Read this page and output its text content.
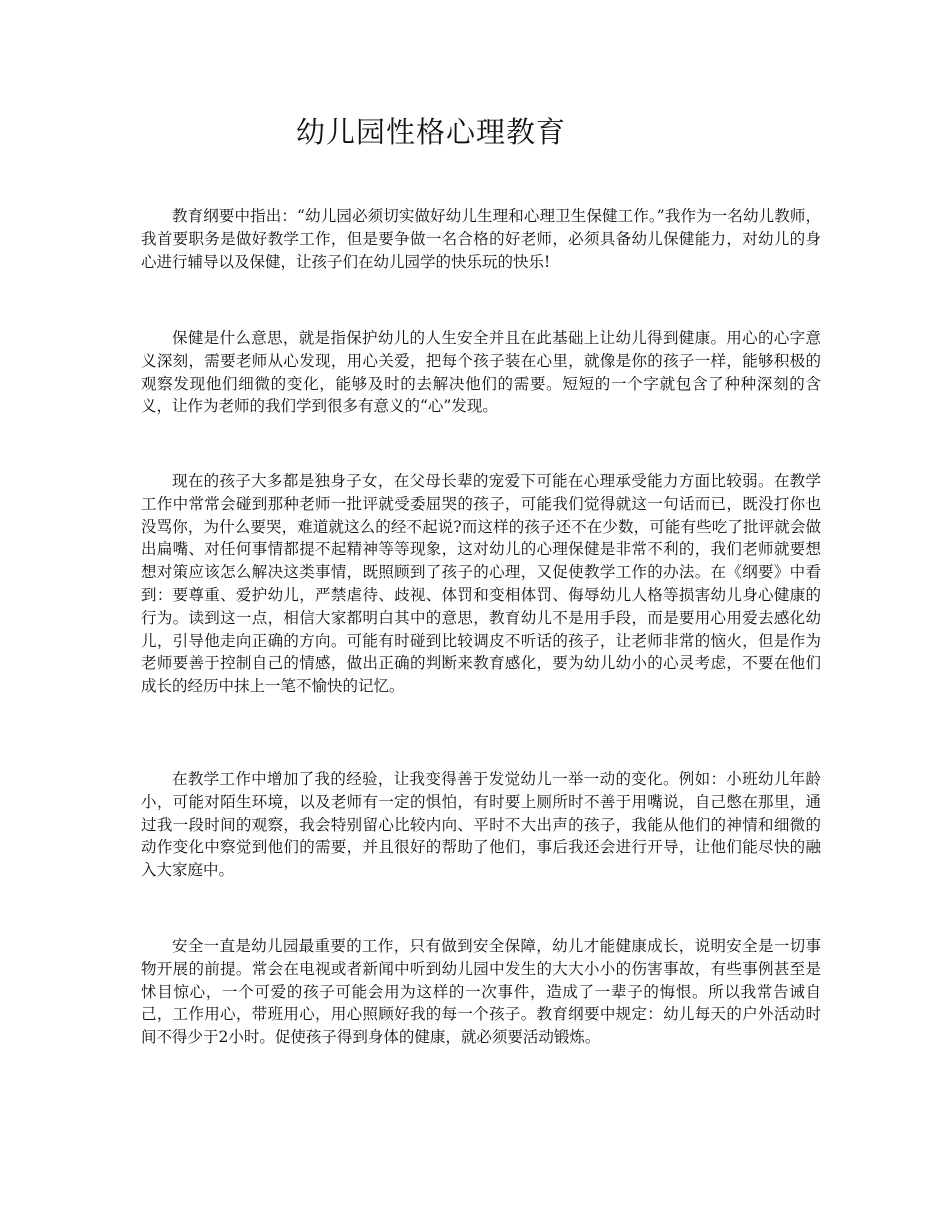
幼儿园性格心理教育

教育纲要中指出：“幼儿园必须切实做好幼儿生理和心理卫生保健工作。”我作为一名幼儿教师，我首要职务是做好教学工作，但是要争做一名合格的好老师，必须具备幼儿保健能力，对幼儿的身心进行辅导以及保健，让孩子们在幼儿园学的快乐玩的快乐!

保健是什么意思，就是指保护幼儿的人生安全并且在此基础上让幼儿得到健康。用心的心字意义深刻，需要老师从心发现，用心关爱，把每个孩子装在心里，就像是你的孩子一样，能够积极的观察发现他们细微的变化，能够及时的去解决他们的需要。短短的一个字就包含了种种深刻的含义，让作为老师的我们学到很多有意义的“心”发现。

现在的孩子大多都是独身子女，在父母长辈的宠爱下可能在心理承受能力方面比较弱。在教学工作中常常会碰到那种老师一批评就受委屈哭的孩子，可能我们觉得就这一句话而已，既没打你也没骂你，为什么要哭，难道就这么的经不起说?而这样的孩子还不在少数，可能有些吃了批评就会做出扁嘴、对任何事情都提不起精神等等现象，这对幼儿的心理保健是非常不利的，我们老师就要想想对策应该怎么解决这类事情，既照顾到了孩子的心理，又促使教学工作的办法。在《纲要》中看到：要尊重、爱护幼儿，严禁虐待、歧视、体罚和变相体罚、侮辱幼儿人格等损害幼儿身心健康的行为。读到这一点，相信大家都明白其中的意思，教育幼儿不是用手段，而是要用心用爱去感化幼儿，引导他走向正确的方向。可能有时碰到比较调皮不听话的孩子，让老师非常的恼火，但是作为老师要善于控制自己的情感，做出正确的判断来教育感化，要为幼儿幼小的心灵考虑，不要在他们成长的经历中抹上一笔不愉快的记忆。

在教学工作中增加了我的经验，让我变得善于发觉幼儿一举一动的变化。例如：小班幼儿年龄小，可能对陌生环境，以及老师有一定的惧怕，有时要上厕所时不善于用嘴说，自己憋在那里，通过我一段时间的观察，我会特别留心比较内向、平时不大出声的孩子，我能从他们的神情和细微的动作变化中察觉到他们的需要，并且很好的帮助了他们，事后我还会进行开导，让他们能尽快的融入大家庭中。

安全一直是幼儿园最重要的工作，只有做到安全保障，幼儿才能健康成长，说明安全是一切事物开展的前提。常会在电视或者新闻中听到幼儿园中发生的大大小小的伤害事故，有些事例甚至是怵目惊心，一个可爱的孩子可能会用为这样的一次事件，造成了一辈子的悔恨。所以我常告诫自己，工作用心，带班用心，用心照顾好我的每一个孩子。教育纲要中规定：幼儿每天的户外活动时间不得少于2小时。促使孩子得到身体的健康，就必须要活动锻炼。
